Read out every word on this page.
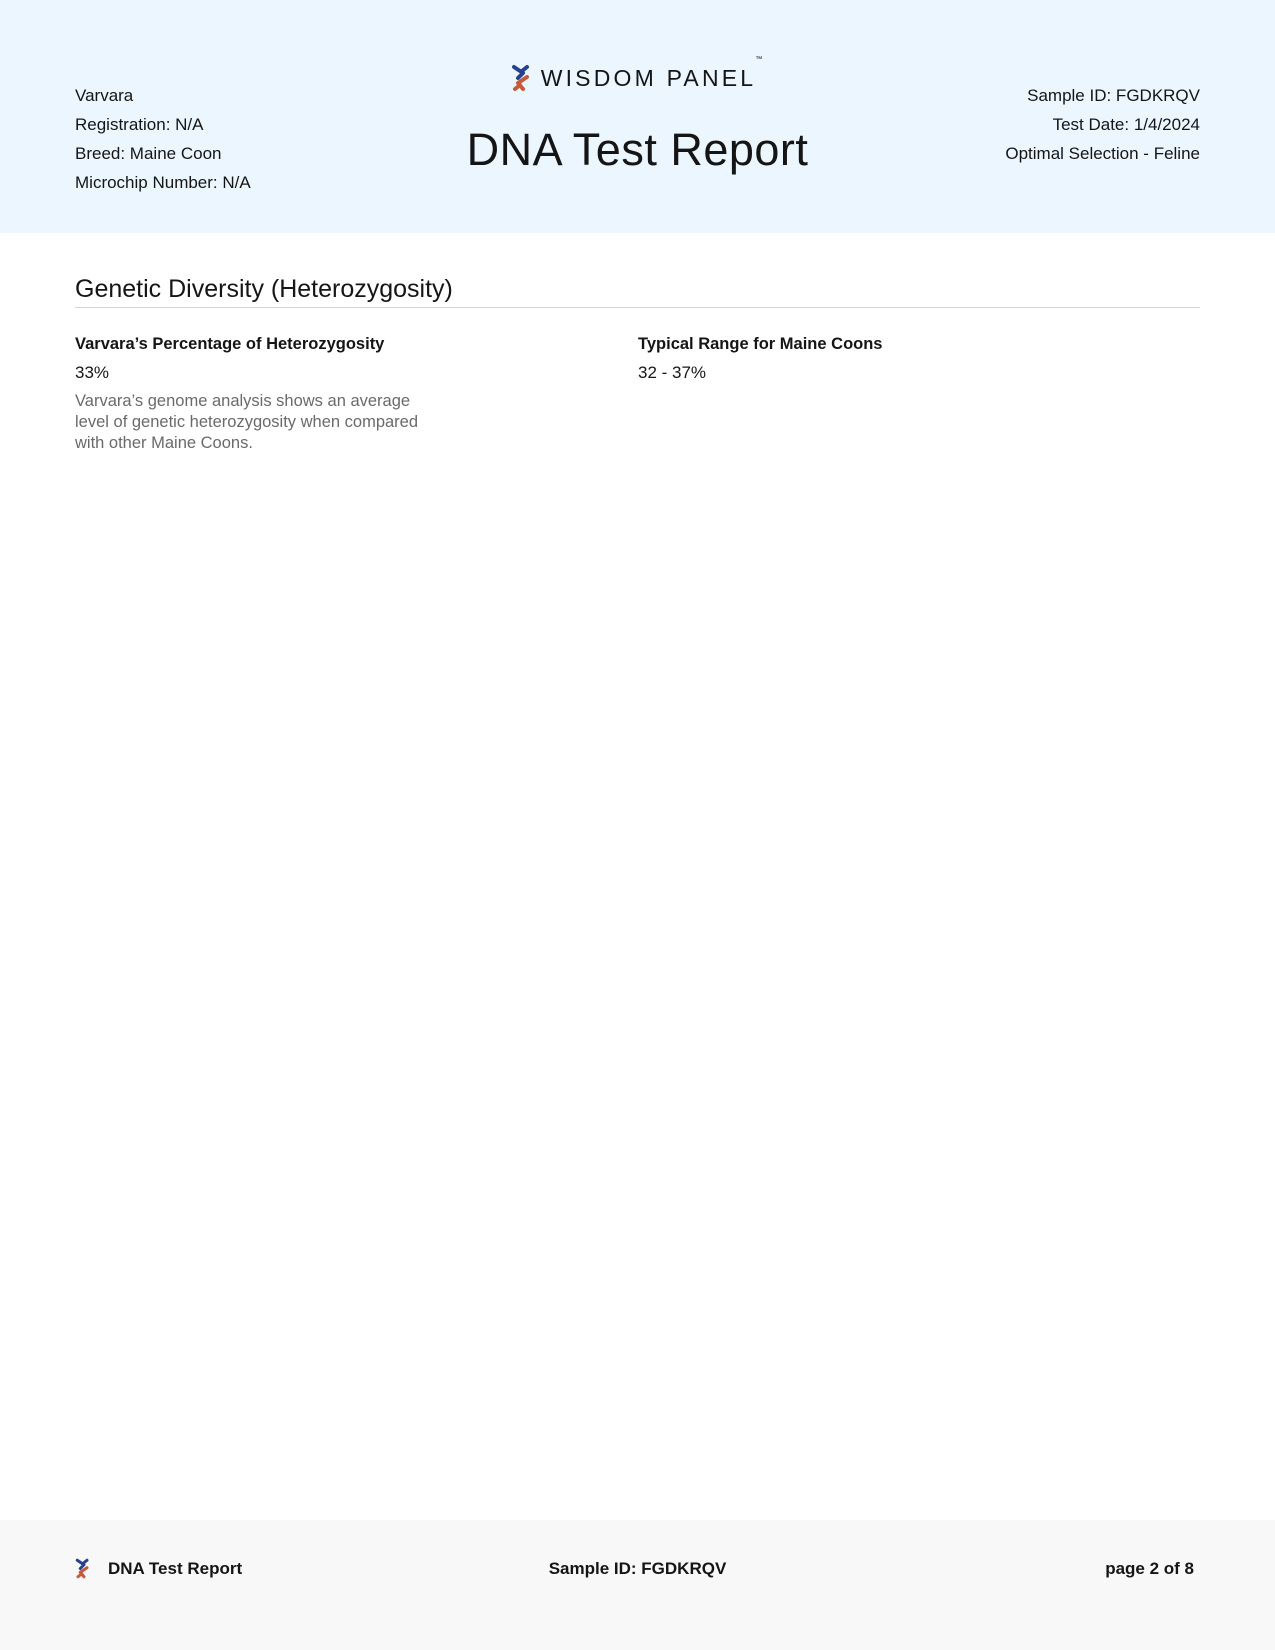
Varvara
Registration: N/A
Breed: Maine Coon
Microchip Number: N/A
WISDOM PANEL™
DNA Test Report
Sample ID: FGDKRQV
Test Date: 1/4/2024
Optimal Selection - Feline
Genetic Diversity (Heterozygosity)
Varvara’s Percentage of Heterozygosity
33%
Varvara’s genome analysis shows an average level of genetic heterozygosity when compared with other Maine Coons.
Typical Range for Maine Coons
32 - 37%
DNA Test Report	Sample ID: FGDKRQV	page 2 of 8
